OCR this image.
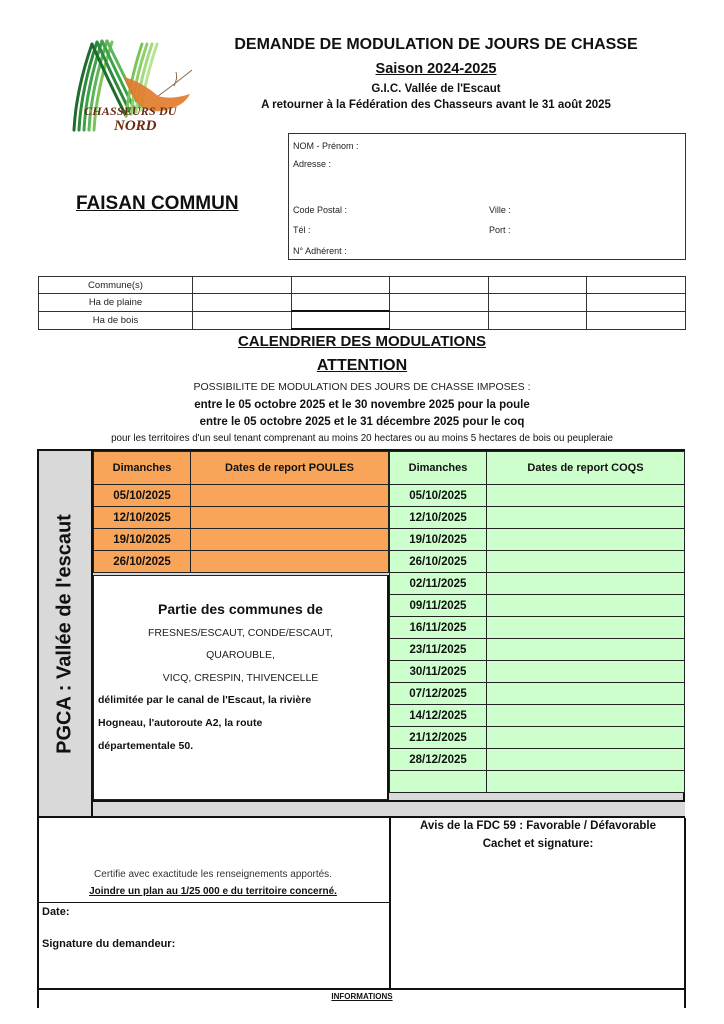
CHASSEURS DU
NORD
DEMANDE DE MODULATION DE JOURS DE CHASSE
Saison 2024-2025
G.I.C. Vallée de l'Escaut
A retourner à la Fédération des Chasseurs avant le 31 août 2025
NOM - Prénom :
Adresse :
Code Postal :	Ville :
Tél :	Port :
N° Adhérent :
FAISAN COMMUN
Commune(s)					
Ha de plaine					
Ha de bois					
CALENDRIER DES MODULATIONS
ATTENTION
POSSIBILITE DE MODULATION DES JOURS DE CHASSE IMPOSES :
entre le 05 octobre 2025 et le 30 novembre 2025 pour la poule
entre le 05 octobre 2025 et le 31 décembre 2025 pour le coq
pour les territoires d'un seul tenant comprenant au moins 20 hectares ou au moins 5 hectares de bois ou peupleraie
PGCA : Vallée de l'escaut
Dimanches	Dates de report POULES
05/10/2025	
12/10/2025	
19/10/2025	
26/10/2025	
Dimanches	Dates de report COQS
05/10/2025	
12/10/2025	
19/10/2025	
26/10/2025	
02/11/2025	
09/11/2025	
16/11/2025	
23/11/2025	
30/11/2025	
07/12/2025	
14/12/2025	
21/12/2025	
28/12/2025	

Partie des communes de
FRESNES/ESCAUT, CONDE/ESCAUT,
QUAROUBLE,
VICQ, CRESPIN, THIVENCELLE
délimitée par le canal de l'Escaut, la rivière
Hogneau, l'autoroute A2, la route
départementale 50.
Avis de la FDC 59 : Favorable / Défavorable
Cachet et signature:
Certifie avec exactitude les renseignements apportés.
Joindre un plan au 1/25 000 e du territoire concerné.
Date:
Signature du demandeur:
INFORMATIONS
